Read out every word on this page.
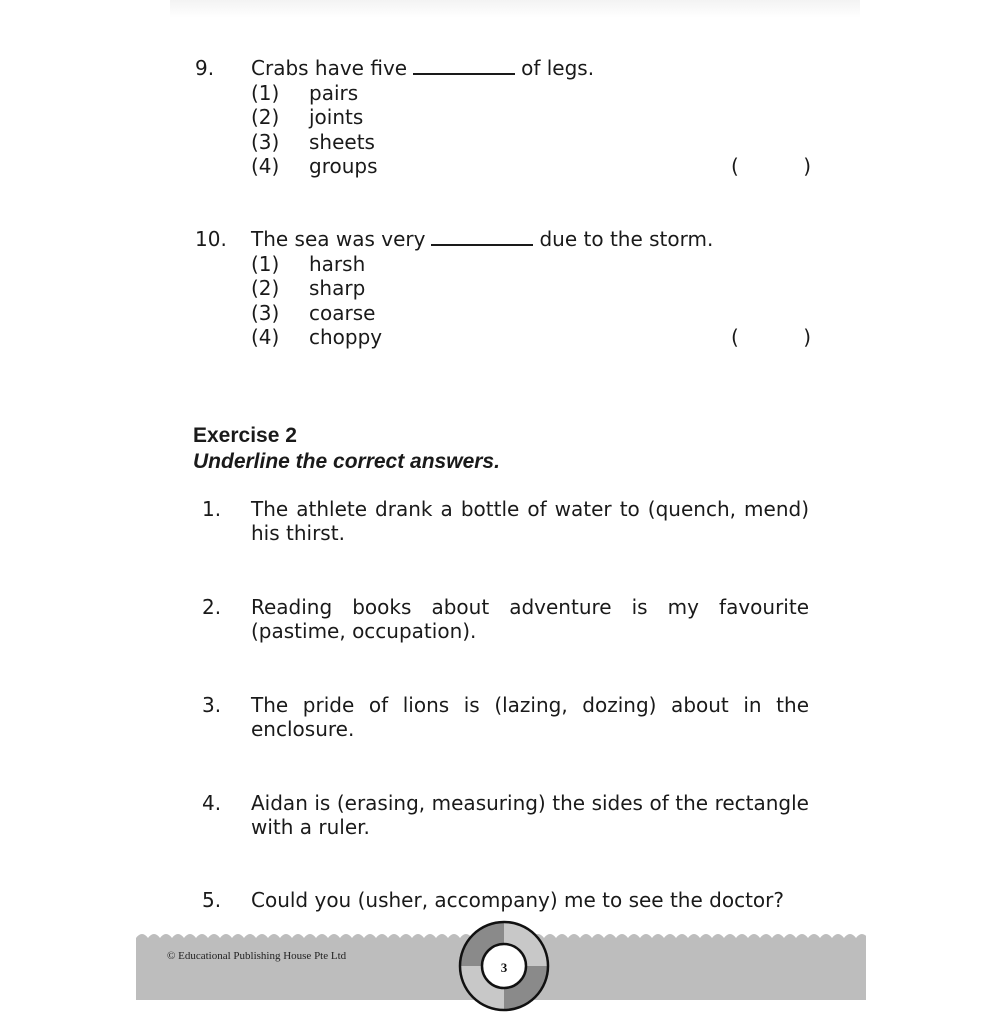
9. Crabs have five	of legs.
(1) pairs
(2) joints
(3) sheets
(4) groups	(	)
10. The sea was very	due to the storm.
(1) harsh
(2) sharp
(3) coarse
(4) choppy	(	)
Exercise 2
Underline the correct answers.
1. The athlete drank a bottle of water to (quench, mend) his thirst.
2. Reading books about adventure is my favourite (pastime, occupation).
3. The pride of lions is (lazing, dozing) about in the enclosure.
4. Aidan is (erasing, measuring) the sides of the rectangle with a ruler.
5. Could you (usher, accompany) me to see the doctor?
© Educational Publishing House Pte Ltd
3
